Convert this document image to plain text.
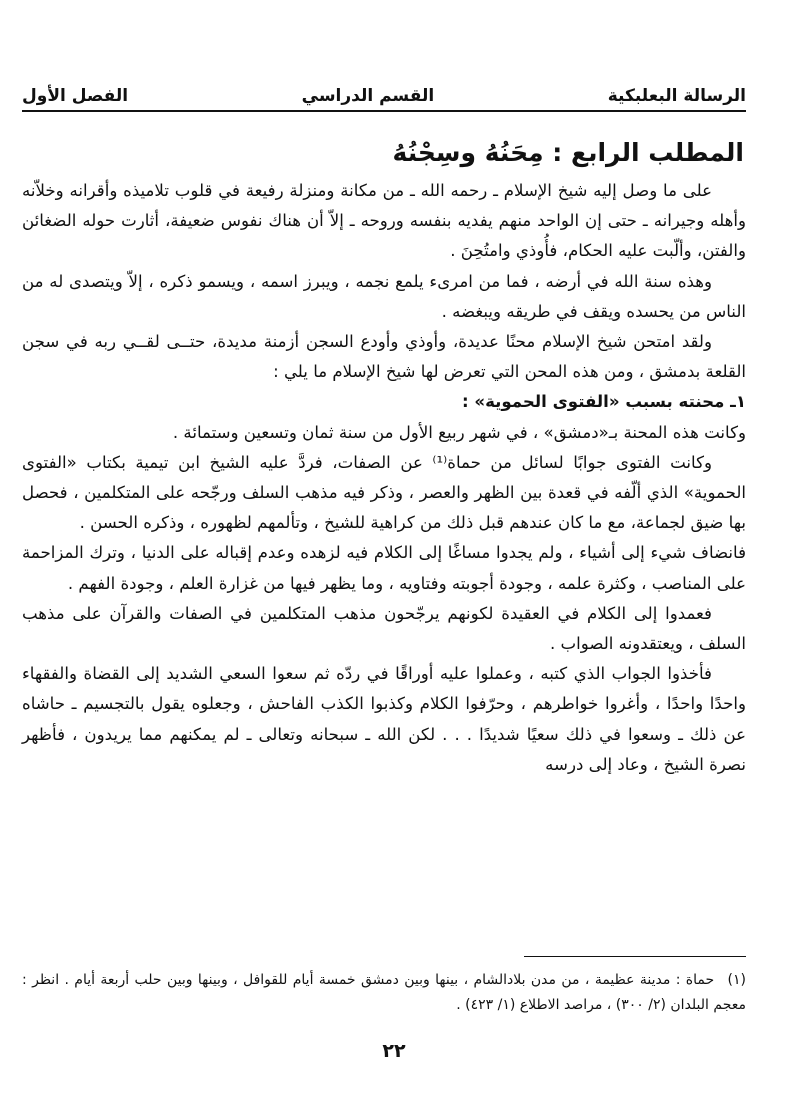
الفصل الأول	القسم الدراسي	الرسالة البعلبكية
المطلب الرابع : مِحَنُهُ وسِجْنُهُ

على ما وصل إليه شيخ الإسلام ـ رحمه الله ـ من مكانة ومنزلة رفيعة في قلوب تلاميذه وأقرانه وخلاّنه وأهله وجيرانه ـ حتى إن الواحد منهم يفديه بنفسه وروحه ـ إلاّ أن هناك نفوس ضعيفة، أثارت حوله الضغائن والفتن، وألّبت عليه الحكام، فأُوذي وامتُحِنَ .

وهذه سنة الله في أرضه ، فما من امرىء يلمع نجمه ، ويبرز اسمه ، ويسمو ذكره ، إلاّ ويتصدى له من الناس من يحسده ويقف في طريقه ويبغضه .

ولقد امتحن شيخ الإسلام محنًا عديدة، وأوذي وأودع السجن أزمنة مديدة، حتــى لقــي ربه في سجن القلعة بدمشق ، ومن هذه المحن التي تعرض لها شيخ الإسلام ما يلي :

١ـ محنته بسبب «الفتوى الحموية» :

وكانت هذه المحنة بـ«دمشق» ، في شهر ربيع الأول من سنة ثمان وتسعين وستمائة .

وكانت الفتوى جوابًا لسائل من حماة⁽¹⁾ عن الصفات، فردَّ عليه الشيخ ابن تيمية بكتاب «الفتوى الحموية» الذي ألّفه في قعدة بين الظهر والعصر ، وذكر فيه مذهب السلف ورجّحه على المتكلمين ، فحصل بها ضيق لجماعة، مع ما كان عندهم قبل ذلك من كراهية للشيخ ، وتألمهم لظهوره ، وذكره الحسن .

فانضاف شيء إلى أشياء ، ولم يجدوا مساغًا إلى الكلام فيه لزهده وعدم إقباله على الدنيا ، وترك المزاحمة على المناصب ، وكثرة علمه ، وجودة أجوبته وفتاويه ، وما يظهر فيها من غزارة العلم ، وجودة الفهم .

فعمدوا إلى الكلام في العقيدة لكونهم يرجّحون مذهب المتكلمين في الصفات والقرآن على مذهب السلف ، ويعتقدونه الصواب .

فأخذوا الجواب الذي كتبه ، وعملوا عليه أوراقًا في ردّه ثم سعوا السعي الشديد إلى القضاة والفقهاء واحدًا واحدًا ، وأغروا خواطرهم ، وحرّفوا الكلام وكذبوا الكذب الفاحش ، وجعلوه يقول بالتجسيم ـ حاشاه عن ذلك ـ وسعوا في ذلك سعيًا شديدًا . . . لكن الله ـ سبحانه وتعالى ـ لم يمكنهم مما يريدون ، فأظهر نصرة الشيخ ، وعاد إلى درسه

(١) حماة : مدينة عظيمة ، من مدن بلادالشام ، بينها وبين دمشق خمسة أيام للقوافل ، وبينها وبين حلب أربعة أيام . انظر : معجم البلدان (٢/ ٣٠٠) ، مراصد الاطلاع (١/ ٤٢٣) .

٢٢
